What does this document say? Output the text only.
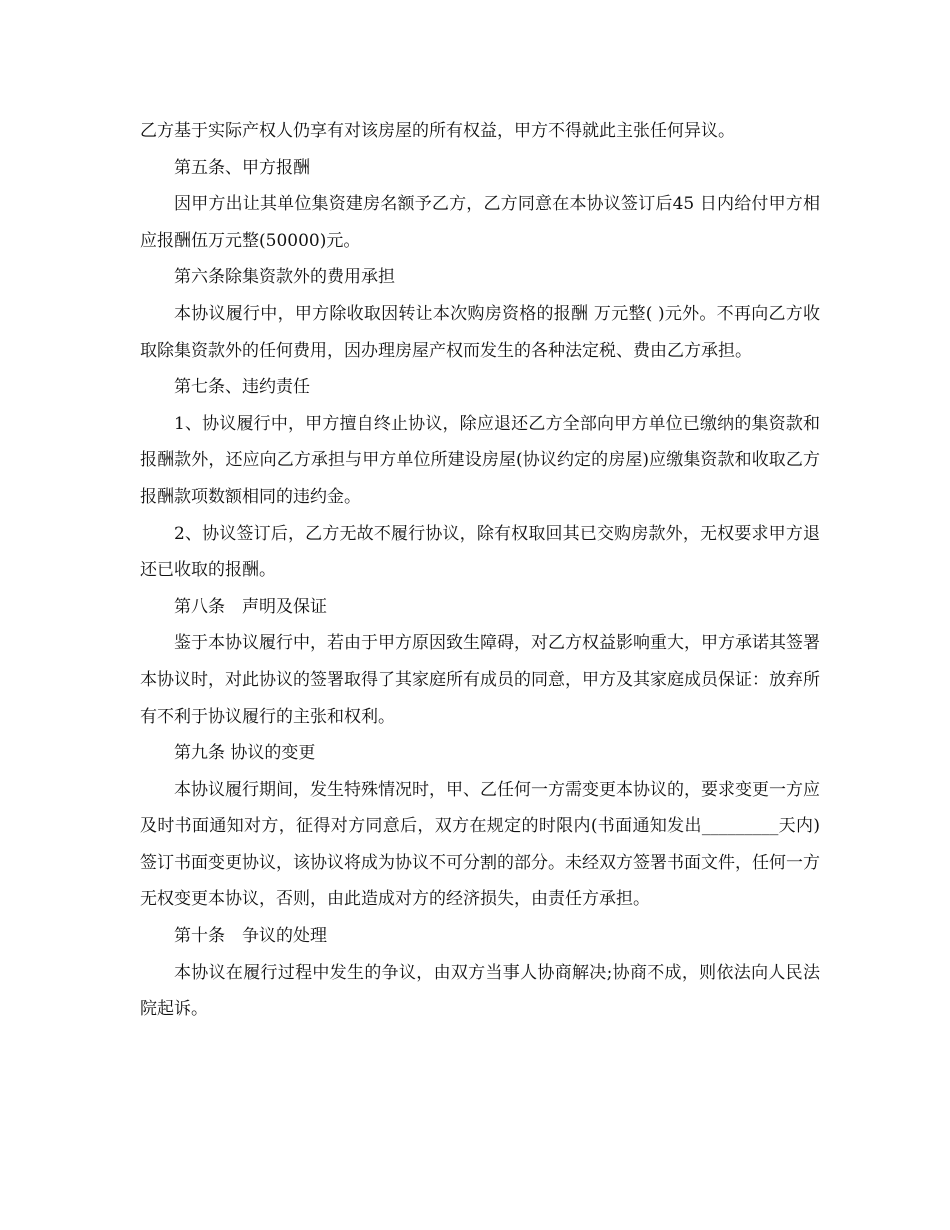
乙方基于实际产权人仍享有对该房屋的所有权益，甲方不得就此主张任何异议。

第五条、甲方报酬

因甲方出让其单位集资建房名额予乙方，乙方同意在本协议签订后45 日内给付甲方相应报酬伍万元整(50000)元。

第六条除集资款外的费用承担

本协议履行中，甲方除收取因转让本次购房资格的报酬 万元整( )元外。不再向乙方收取除集资款外的任何费用，因办理房屋产权而发生的各种法定税、费由乙方承担。

第七条、违约责任

1、协议履行中，甲方擅自终止协议，除应退还乙方全部向甲方单位已缴纳的集资款和报酬款外，还应向乙方承担与甲方单位所建设房屋(协议约定的房屋)应缴集资款和收取乙方报酬款项数额相同的违约金。

2、协议签订后，乙方无故不履行协议，除有权取回其已交购房款外，无权要求甲方退还已收取的报酬。

第八条　声明及保证

鉴于本协议履行中，若由于甲方原因致生障碍，对乙方权益影响重大，甲方承诺其签署本协议时，对此协议的签署取得了其家庭所有成员的同意，甲方及其家庭成员保证：放弃所有不利于协议履行的主张和权利。

第九条 协议的变更

本协议履行期间，发生特殊情况时，甲、乙任何一方需变更本协议的，要求变更一方应及时书面通知对方，征得对方同意后，双方在规定的时限内(书面通知发出_________天内)签订书面变更协议，该协议将成为协议不可分割的部分。未经双方签署书面文件，任何一方无权变更本协议，否则，由此造成对方的经济损失，由责任方承担。

第十条　争议的处理

本协议在履行过程中发生的争议，由双方当事人协商解决;协商不成，则依法向人民法院起诉。
